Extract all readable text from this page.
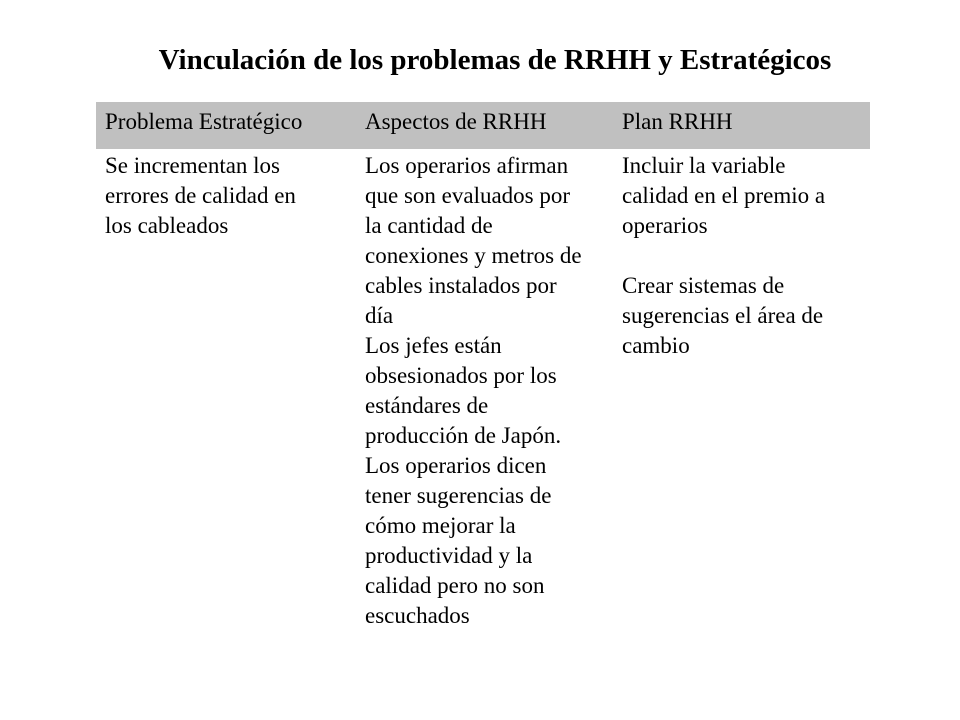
Vinculación de los problemas de RRHH y Estratégicos
Problema Estratégico	Aspectos de RRHH	Plan RRHH
Se incrementan los
errores de calidad en
los cableados
Los operarios afirman
que son evaluados por
la cantidad de
conexiones y metros de
cables instalados por
día
Los jefes están
obsesionados por los
estándares de
producción de Japón.
Los operarios dicen
tener sugerencias de
cómo mejorar la
productividad y la
calidad pero no son
escuchados
Incluir la variable
calidad en el premio a
operarios
Crear sistemas de
sugerencias el área de
cambio
